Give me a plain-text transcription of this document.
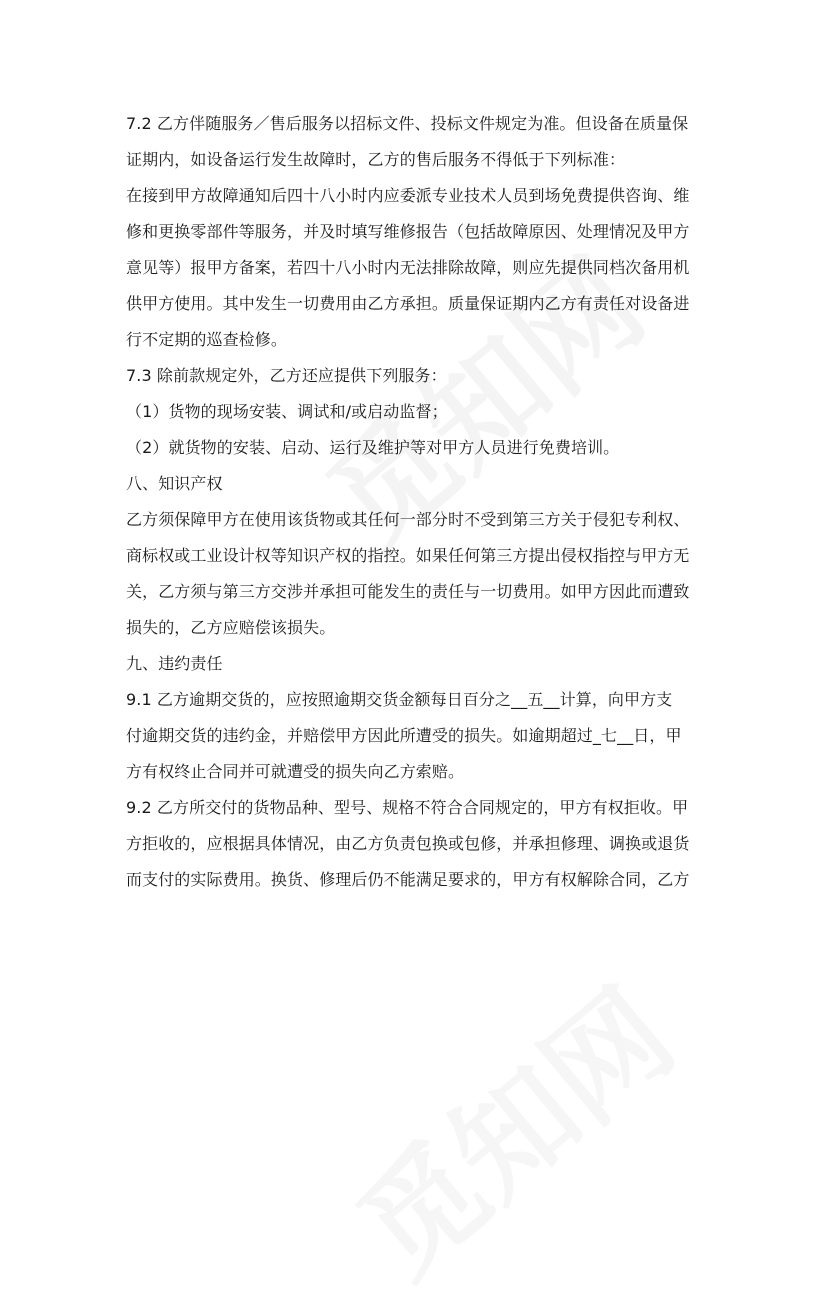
7.2 乙方伴随服务／售后服务以招标文件、投标文件规定为准。但设备在质量保
证期内，如设备运行发生故障时，乙方的售后服务不得低于下列标准：
在接到甲方故障通知后四十八小时内应委派专业技术人员到场免费提供咨询、维
修和更换零部件等服务，并及时填写维修报告（包括故障原因、处理情况及甲方
意见等）报甲方备案，若四十八小时内无法排除故障，则应先提供同档次备用机
供甲方使用。其中发生一切费用由乙方承担。质量保证期内乙方有责任对设备进
行不定期的巡查检修。
7.3 除前款规定外，乙方还应提供下列服务：
（1）货物的现场安装、调试和/或启动监督；
（2）就货物的安装、启动、运行及维护等对甲方人员进行免费培训。
八、知识产权
乙方须保障甲方在使用该货物或其任何一部分时不受到第三方关于侵犯专利权、
商标权或工业设计权等知识产权的指控。如果任何第三方提出侵权指控与甲方无
关，乙方须与第三方交涉并承担可能发生的责任与一切费用。如甲方因此而遭致
损失的，乙方应赔偿该损失。
九、违约责任
9.1 乙方逾期交货的，应按照逾期交货金额每日百分之__五__计算，向甲方支
付逾期交货的违约金，并赔偿甲方因此所遭受的损失。如逾期超过_七__日，甲
方有权终止合同并可就遭受的损失向乙方索赔。
9.2 乙方所交付的货物品种、型号、规格不符合合同规定的，甲方有权拒收。甲
方拒收的，应根据具体情况，由乙方负责包换或包修，并承担修理、调换或退货
而支付的实际费用。换货、修理后仍不能满足要求的，甲方有权解除合同，乙方
